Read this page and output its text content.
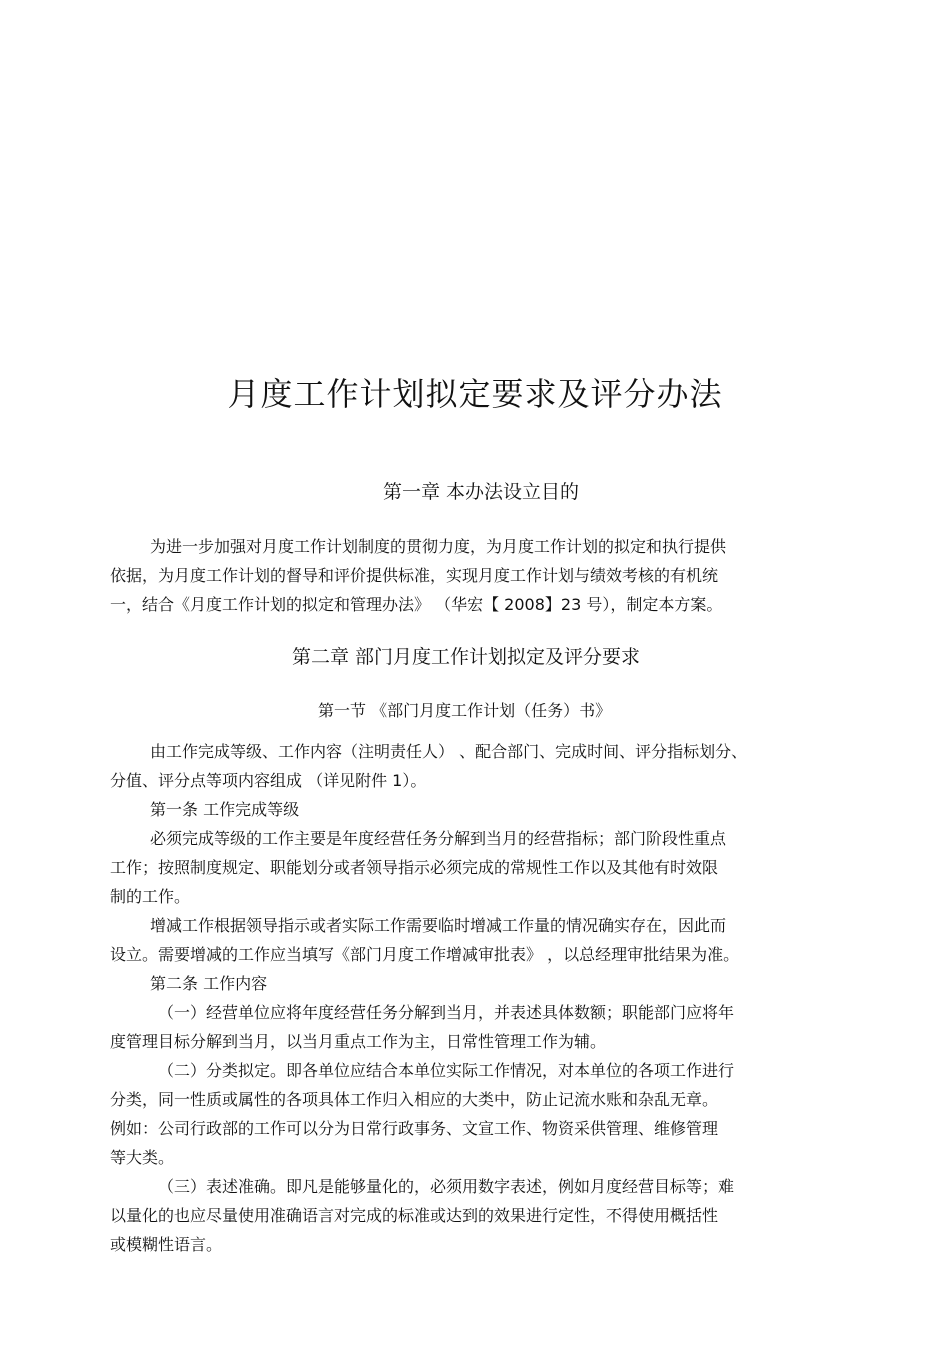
月度工作计划拟定要求及评分办法
第一章 本办法设立目的
为进一步加强对月度工作计划制度的贯彻力度，为月度工作计划的拟定和执行提供
依据，为月度工作计划的督导和评价提供标准，实现月度工作计划与绩效考核的有机统
一，结合《月度工作计划的拟定和管理办法》 （华宏【 2008】23 号），制定本方案。
第二章 部门月度工作计划拟定及评分要求
第一节 《部门月度工作计划（任务）书》
由工作完成等级、工作内容（注明责任人） 、配合部门、完成时间、评分指标划分、
分值、评分点等项内容组成 （详见附件 1）。
第一条 工作完成等级
必须完成等级的工作主要是年度经营任务分解到当月的经营指标；部门阶段性重点
工作；按照制度规定、职能划分或者领导指示必须完成的常规性工作以及其他有时效限
制的工作。
增减工作根据领导指示或者实际工作需要临时增减工作量的情况确实存在，因此而
设立。需要增减的工作应当填写《部门月度工作增减审批表》 ，以总经理审批结果为准。
第二条 工作内容
（一）经营单位应将年度经营任务分解到当月，并表述具体数额；职能部门应将年
度管理目标分解到当月，以当月重点工作为主，日常性管理工作为辅。
（二）分类拟定。即各单位应结合本单位实际工作情况，对本单位的各项工作进行
分类，同一性质或属性的各项具体工作归入相应的大类中，防止记流水账和杂乱无章。
例如：公司行政部的工作可以分为日常行政事务、文宣工作、物资采供管理、维修管理
等大类。
（三）表述准确。即凡是能够量化的，必须用数字表述，例如月度经营目标等；难
以量化的也应尽量使用准确语言对完成的标准或达到的效果进行定性，不得使用概括性
或模糊性语言。
